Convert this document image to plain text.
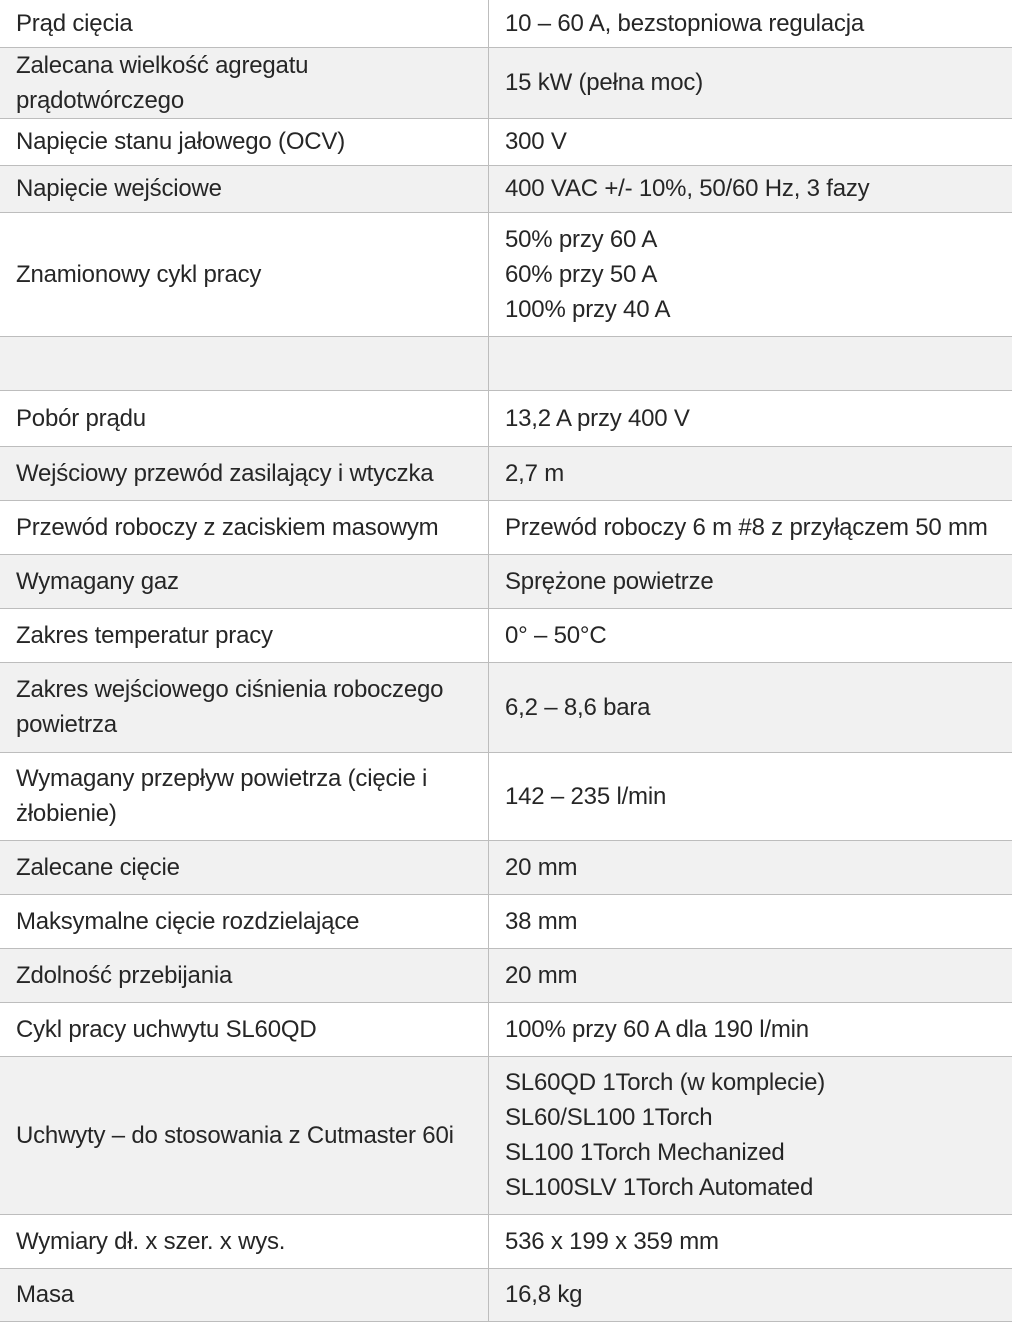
Prąd cięcia	10 – 60 A, bezstopniowa regulacja

Zalecana wielkość agregatu prądotwórczego	15 kW (pełna moc)

Napięcie stanu jałowego (OCV)	300 V

Napięcie wejściowe	400 VAC +/- 10%, 50/60 Hz, 3 fazy

Znamionowy cykl pracy	50% przy 60 A
60% przy 50 A
100% przy 40 A

Pobór prądu	13,2 A przy 400 V

Wejściowy przewód zasilający i wtyczka	2,7 m

Przewód roboczy z zaciskiem masowym	Przewód roboczy 6 m #8 z przyłączem 50 mm

Wymagany gaz	Sprężone powietrze

Zakres temperatur pracy	0° – 50°C

Zakres wejściowego ciśnienia roboczego powietrza	6,2 – 8,6 bara

Wymagany przepływ powietrza (cięcie i żłobienie)	142 – 235 l/min

Zalecane cięcie	20 mm

Maksymalne cięcie rozdzielające	38 mm

Zdolność przebijania	20 mm

Cykl pracy uchwytu SL60QD	100% przy 60 A dla 190 l/min

Uchwyty – do stosowania z Cutmaster 60i	SL60QD 1Torch (w komplecie)
SL60/SL100 1Torch
SL100 1Torch Mechanized
SL100SLV 1Torch Automated

Wymiary dł. x szer. x wys.	536 x 199 x 359 mm

Masa	16,8 kg
